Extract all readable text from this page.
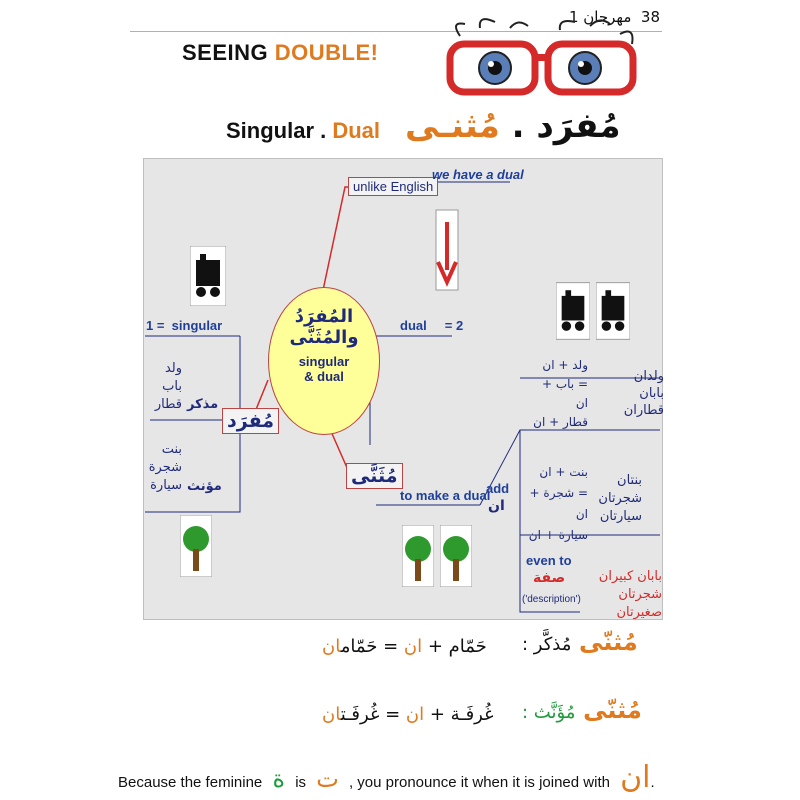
38  مهرجان 1
SEEING DOUBLE!
Singular . Dual	مُفرَد . مُثنـى
unlike English
we have a dual
المُفرَدُ
والمُثَنَّى
singular
& dual
1 =  singular
ولد
باب
قطار مذكر
مُفرَد
بنت
شجرة
سيارة مؤنث
dual     = 2
مُثَنَّى
to make a dual
add
ان
ولد + ان
= باب + ان
قطار + ان
ولدان
بابان
قطاران
بنت + ان
= شجرة + ان
سيارة + ان
بنتان
شجرتان
سيارتان
even to
صفة
('description')
بابان كبيران
شجرتان صغيرتان
مُثنّى مُذكَّر :
حَمّام + ان = حَمّامان
مُثنّى مُؤَنَّث :
غُرفَـة + ان = غُرفَـتان
Because the feminine ة is ت , you pronounce it when it is joined with ان.
